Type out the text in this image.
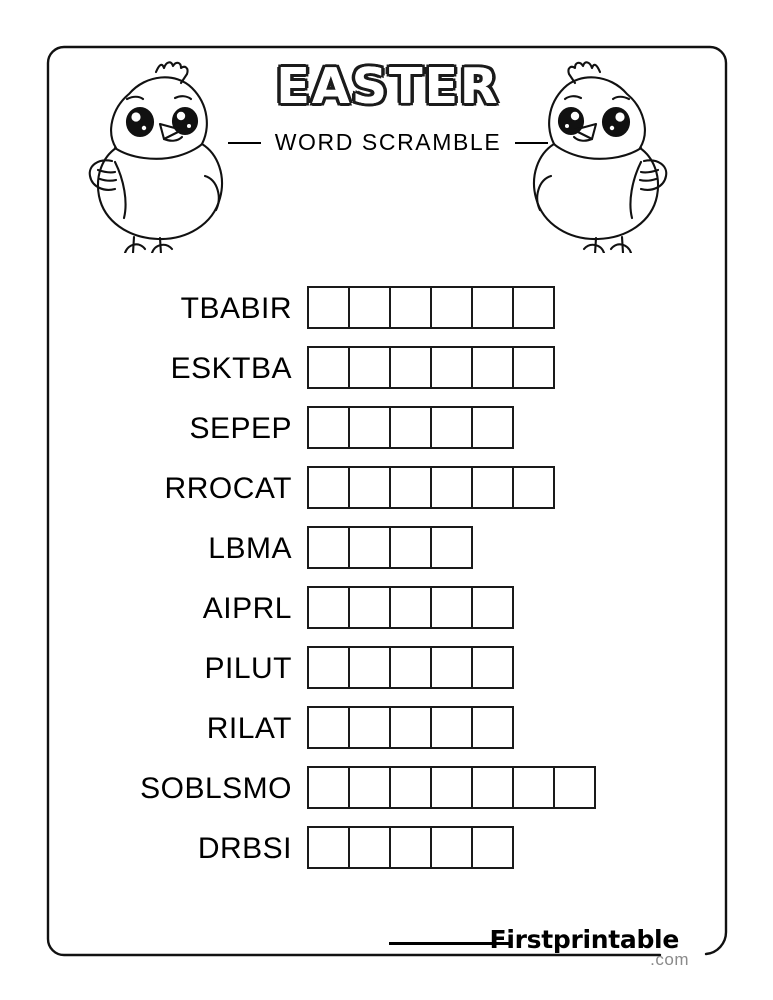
EASTER
WORD SCRAMBLE
TBABIR
ESKTBA
SEPEP
RROCAT
LBMA
AIPRL
PILUT
RILAT
SOBLSMO
DRBSI
Firstprintable
.com
